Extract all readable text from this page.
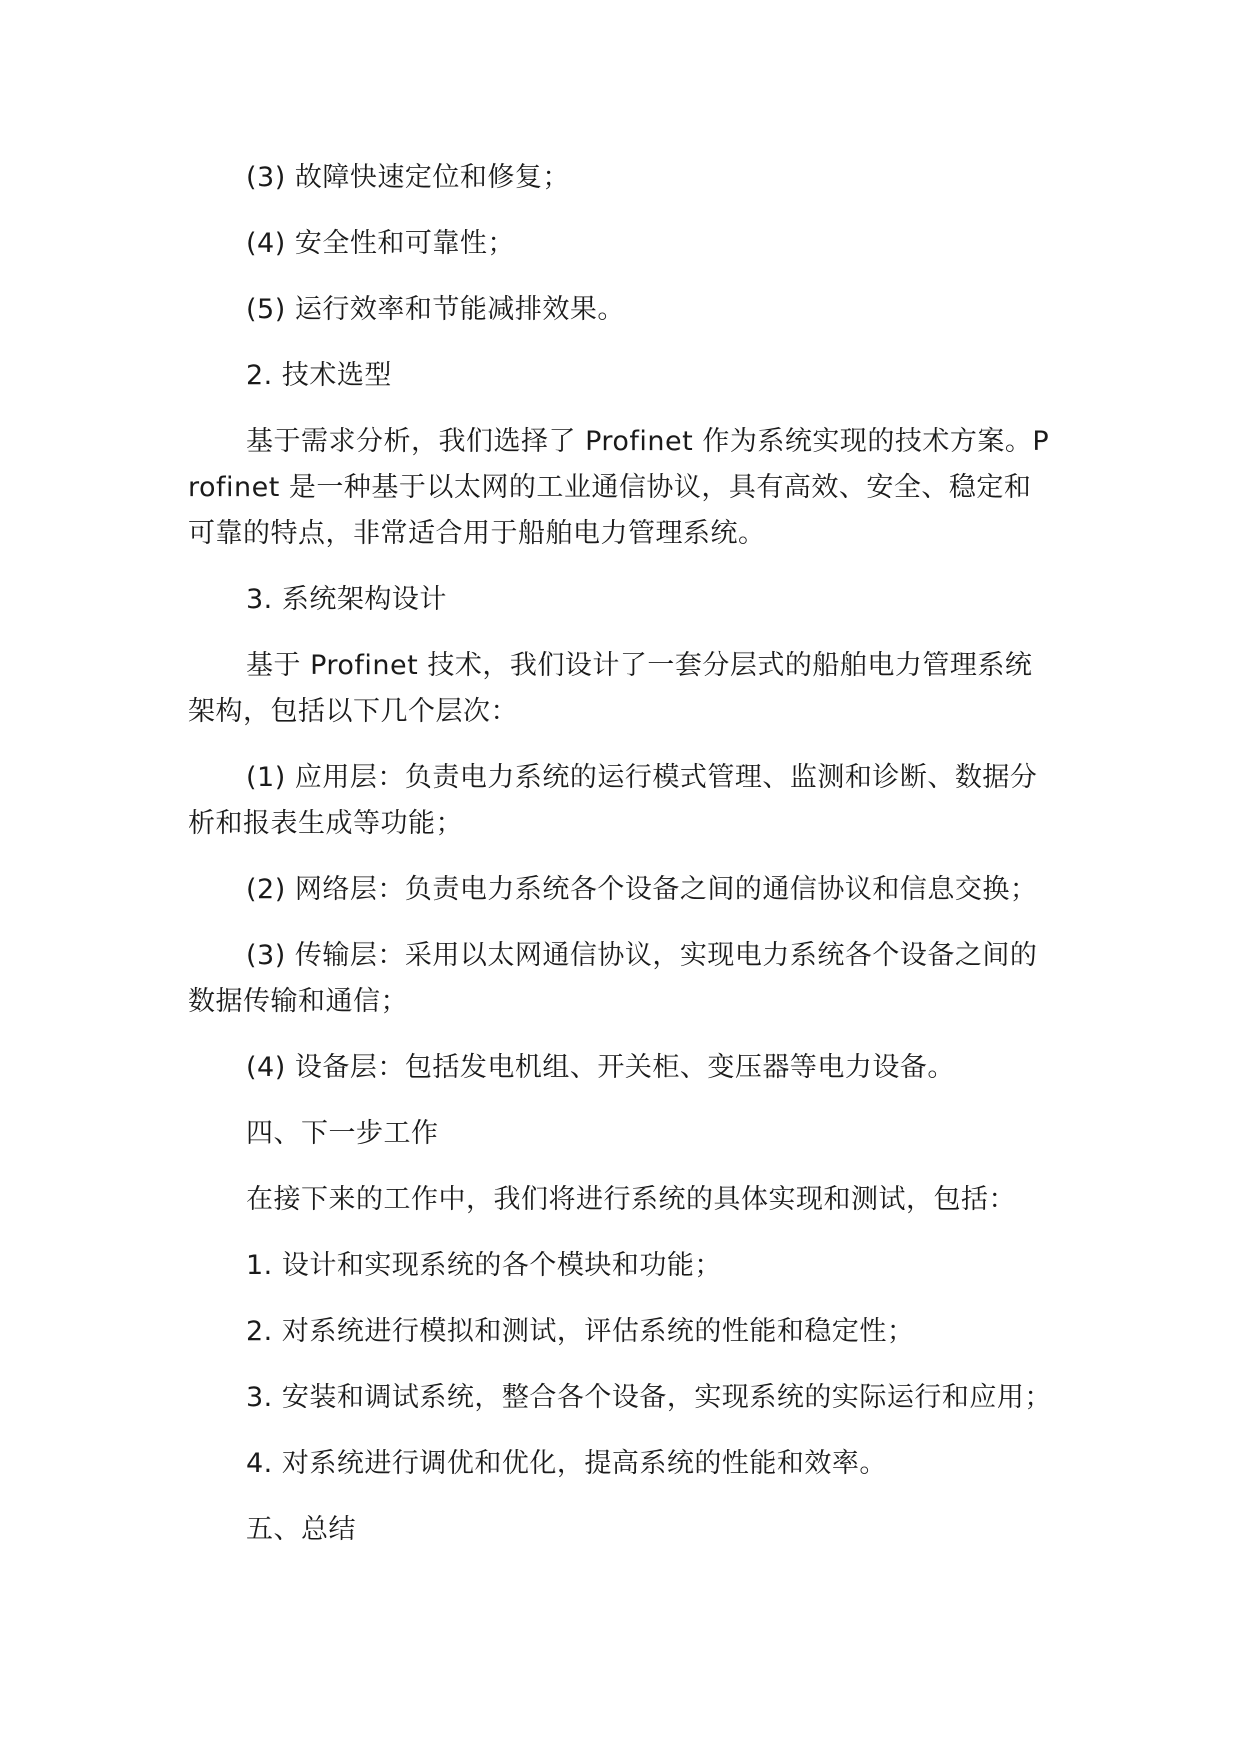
(3) 故障快速定位和修复；

(4) 安全性和可靠性；

(5) 运行效率和节能减排效果。

2. 技术选型

基于需求分析，我们选择了 Profinet 作为系统实现的技术方案。Profinet 是一种基于以太网的工业通信协议，具有高效、安全、稳定和可靠的特点，非常适合用于船舶电力管理系统。

3. 系统架构设计

基于 Profinet 技术，我们设计了一套分层式的船舶电力管理系统架构，包括以下几个层次：

(1) 应用层：负责电力系统的运行模式管理、监测和诊断、数据分析和报表生成等功能；

(2) 网络层：负责电力系统各个设备之间的通信协议和信息交换；

(3) 传输层：采用以太网通信协议，实现电力系统各个设备之间的数据传输和通信；

(4) 设备层：包括发电机组、开关柜、变压器等电力设备。

四、下一步工作

在接下来的工作中，我们将进行系统的具体实现和测试，包括：

1. 设计和实现系统的各个模块和功能；

2. 对系统进行模拟和测试，评估系统的性能和稳定性；

3. 安装和调试系统，整合各个设备，实现系统的实际运行和应用；

4. 对系统进行调优和优化，提高系统的性能和效率。

五、总结
